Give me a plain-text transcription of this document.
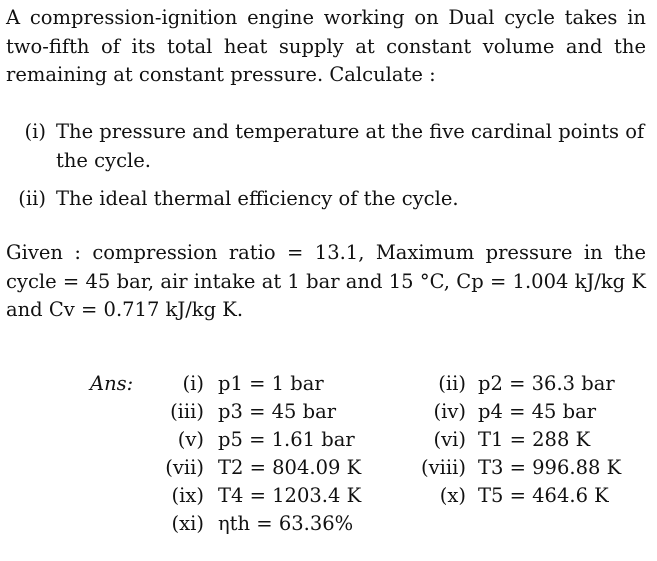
A compression-ignition engine working on Dual cycle takes in two-fifth of its total heat supply at constant volume and the remaining at constant pressure. Calculate :
(i) The pressure and temperature at the five cardinal points of the cycle.
(ii) The ideal thermal efficiency of the cycle.
Given : compression ratio = 13.1, Maximum pressure in the cycle = 45 bar, air intake at 1 bar and 15 °C, Cp = 1.004 kJ/kg K and Cv = 0.717 kJ/kg K.
Ans:	(i) p1 = 1 bar	(ii) p2 = 36.3 bar
(iii) p3 = 45 bar	(iv) p4 = 45 bar
(v) p5 = 1.61 bar	(vi) T1 = 288 K
(vii) T2 = 804.09 K	(viii) T3 = 996.88 K
(ix) T4 = 1203.4 K	(x) T5 = 464.6 K
(xi) ηth = 63.36%
